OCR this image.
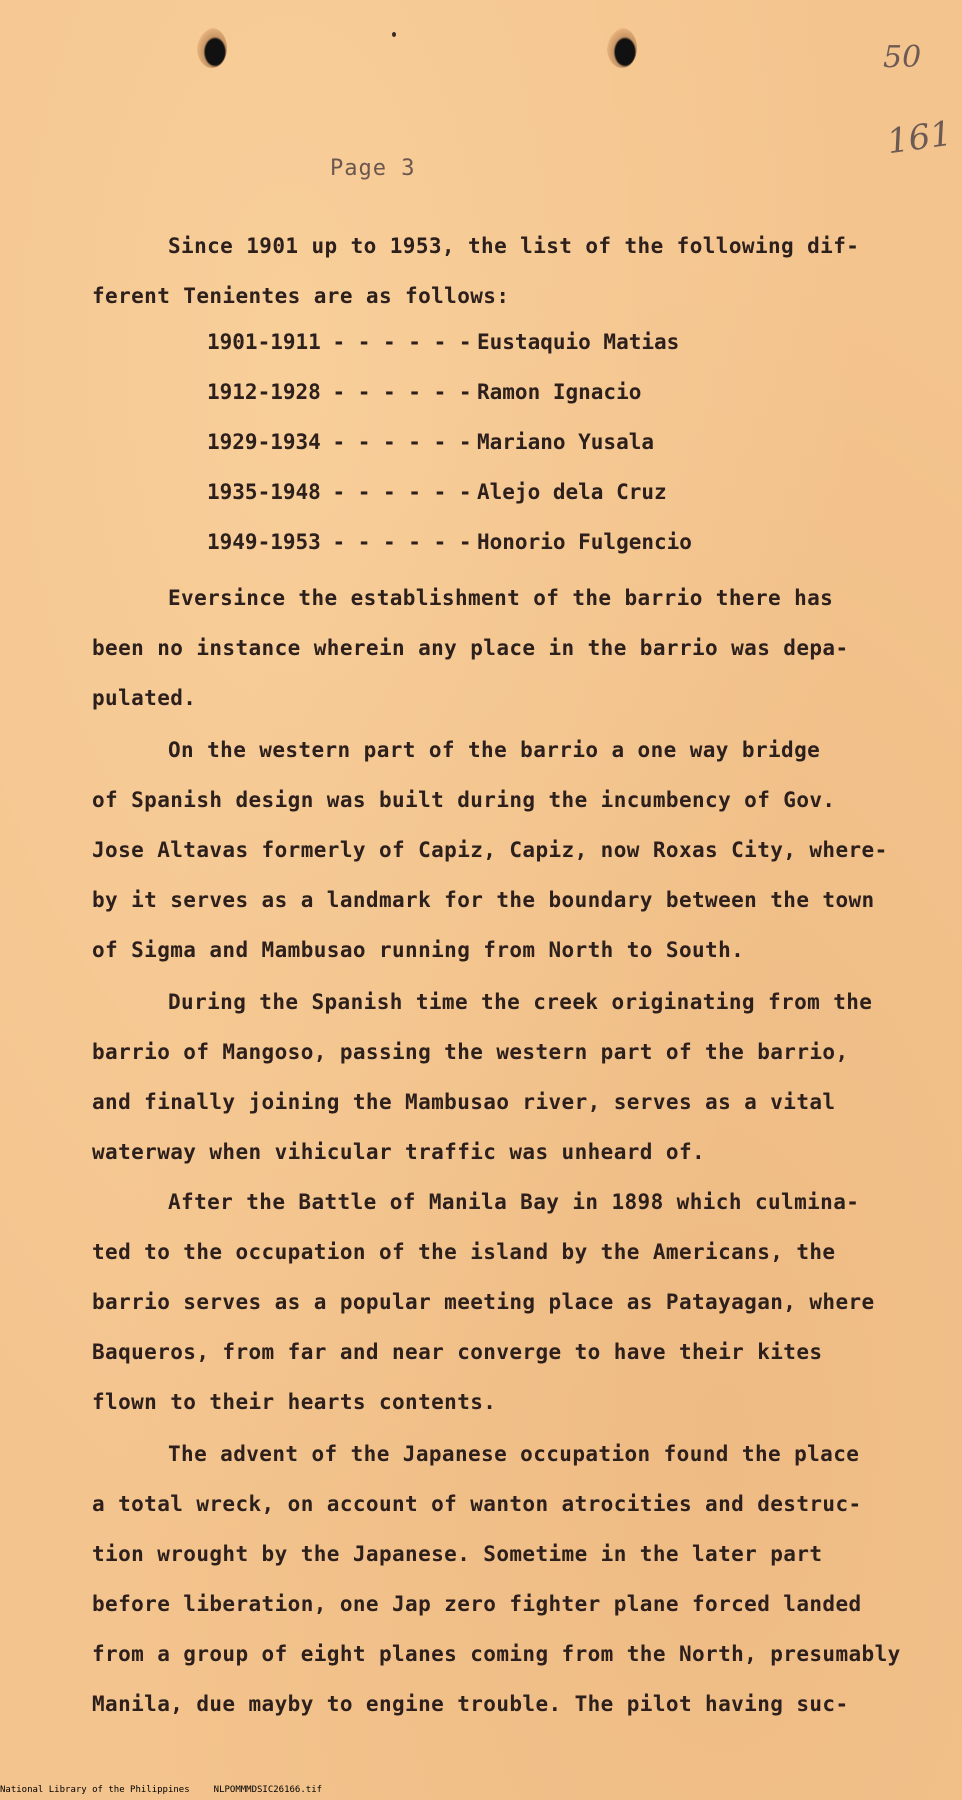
50
161
Page 3
Since 1901 up to 1953, the list of the following dif-
ferent Tenientes are as follows:
1901-1911 - - - - - - Eustaquio Matias
1912-1928 - - - - - - Ramon Ignacio
1929-1934 - - - - - - Mariano Yusala
1935-1948 - - - - - - Alejo dela Cruz
1949-1953 - - - - - - Honorio Fulgencio
Eversince the establishment of the barrio there has
been no instance wherein any place in the barrio was depa-
pulated.
On the western part of the barrio a one way bridge
of Spanish design was built during the incumbency of Gov.
Jose Altavas formerly of Capiz, Capiz, now Roxas City, where-
by it serves as a landmark for the boundary between the town
of Sigma and Mambusao running from North to South.
During the Spanish time the creek originating from the
barrio of Mangoso, passing the western part of the barrio,
and finally joining the Mambusao river, serves as a vital
waterway when vihicular traffic was unheard of.
After the Battle of Manila Bay in 1898 which culmina-
ted to the occupation of the island by the Americans, the
barrio serves as a popular meeting place as Patayagan, where
Baqueros, from far and near converge to have their kites
flown to their hearts contents.
The advent of the Japanese occupation found the place
a total wreck, on account of wanton atrocities and destruc-
tion wrought by the Japanese. Sometime in the later part
before liberation, one Jap zero fighter plane forced landed
from a group of eight planes coming from the North, presumably
Manila, due mayby to engine trouble. The pilot having suc-
National Library of the Philippines	NLPOMMMDSIC26166.tif
